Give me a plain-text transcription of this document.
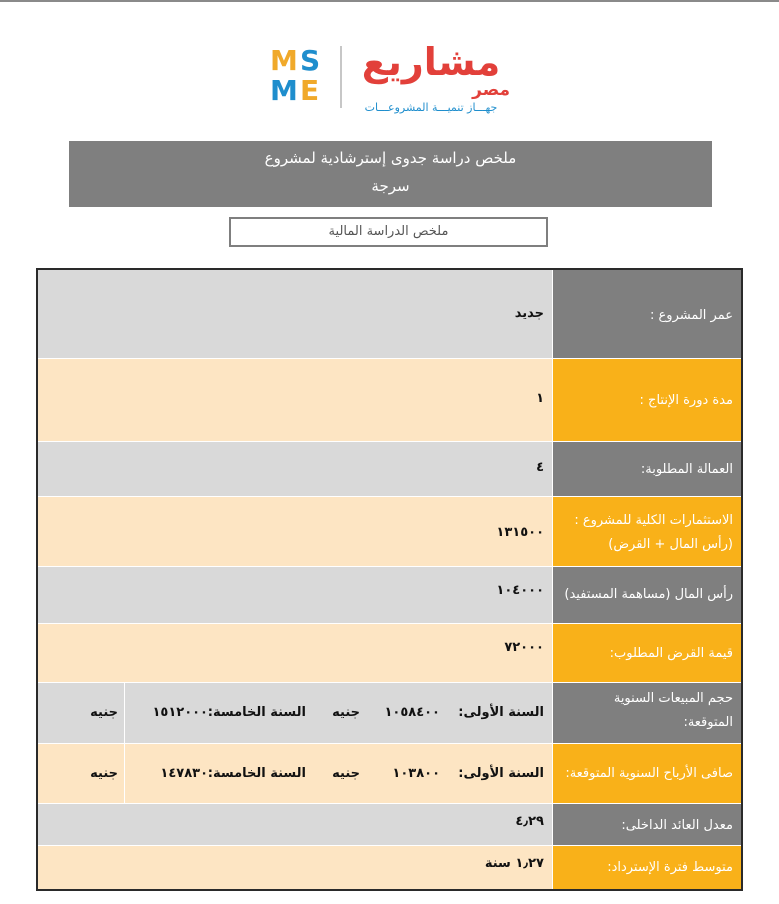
M S
M E
مشاريع
مصر
جهـــاز تنميـــة المشروعـــات
ملخص دراسة جدوى إسترشادية لمشروع
سرجة
ملخص الدراسة المالية
عمر المشروع :
جديد
مدة دورة الإنتاج :
١
العمالة المطلوبة:
٤
الاستثمارات الكلية للمشروع :
(رأس المال + القرض)
١٣١٥٠٠
رأس المال (مساهمة المستفيد)
١٠٤٠٠٠
قيمة القرض المطلوب:
٧٢٠٠٠
حجم المبيعات السنوية
المتوقعة:
السنة الأولى:
١٠٥٨٤٠٠
جنيه
السنة الخامسة:
١٥١٢٠٠٠
جنيه
صافى الأرباح السنوية المتوقعة:
السنة الأولى:
١٠٣٨٠٠
جنيه
السنة الخامسة:
١٤٧٨٣٠
جنيه
معدل العائد الداخلى:
٤٫٢٩
متوسط فترة الإسترداد:
١٫٢٧ سنة
